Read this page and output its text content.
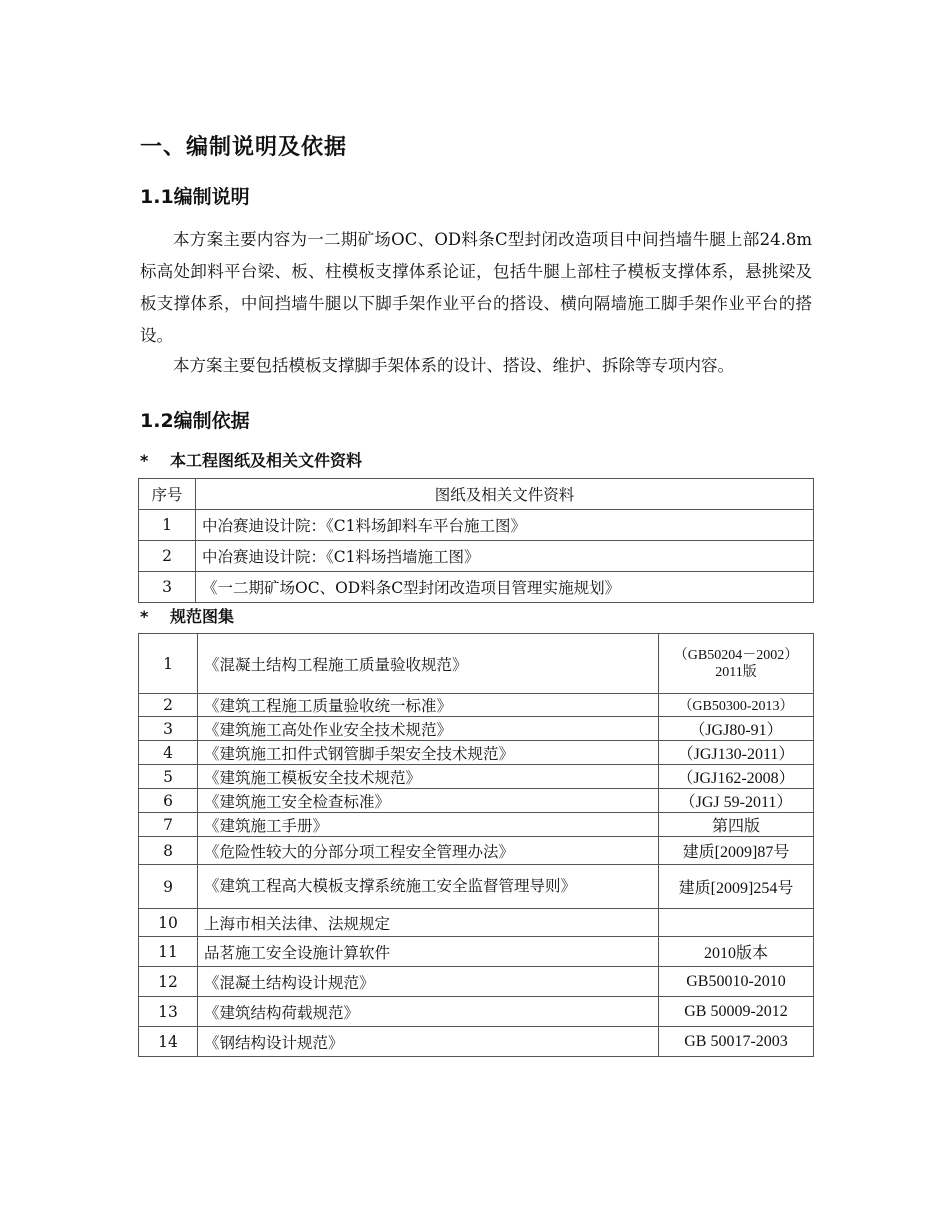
一、编制说明及依据
1.1编制说明
本方案主要内容为一二期矿场OC、OD料条C型封闭改造项目中间挡墙牛腿上部24.8m标高处卸料平台梁、板、柱模板支撑体系论证，包括牛腿上部柱子模板支撑体系，悬挑梁及板支撑体系，中间挡墙牛腿以下脚手架作业平台的搭设、横向隔墙施工脚手架作业平台的搭设。
本方案主要包括模板支撑脚手架体系的设计、搭设、维护、拆除等专项内容。
1.2编制依据
* 本工程图纸及相关文件资料
序号	图纸及相关文件资料
1	中冶赛迪设计院：《C1料场卸料车平台施工图》
2	中冶赛迪设计院：《C1料场挡墙施工图》
3	《一二期矿场OC、OD料条C型封闭改造项目管理实施规划》
* 规范图集
1	《混凝土结构工程施工质量验收规范》	（GB50204－2002）2011版
2	《建筑工程施工质量验收统一标准》	（GB50300-2013）
3	《建筑施工高处作业安全技术规范》	（JGJ80-91）
4	《建筑施工扣件式钢管脚手架安全技术规范》	（JGJ130-2011）
5	《建筑施工模板安全技术规范》	（JGJ162-2008）
6	《建筑施工安全检查标准》	（JGJ 59-2011）
7	《建筑施工手册》	第四版
8	《危险性较大的分部分项工程安全管理办法》	建质[2009]87号
9	《建筑工程高大模板支撑系统施工安全监督管理导则》	建质[2009]254号
10	上海市相关法律、法规规定	
11	品茗施工安全设施计算软件	2010版本
12	《混凝土结构设计规范》	GB50010-2010
13	《建筑结构荷载规范》	GB 50009-2012
14	《钢结构设计规范》	GB 50017-2003
